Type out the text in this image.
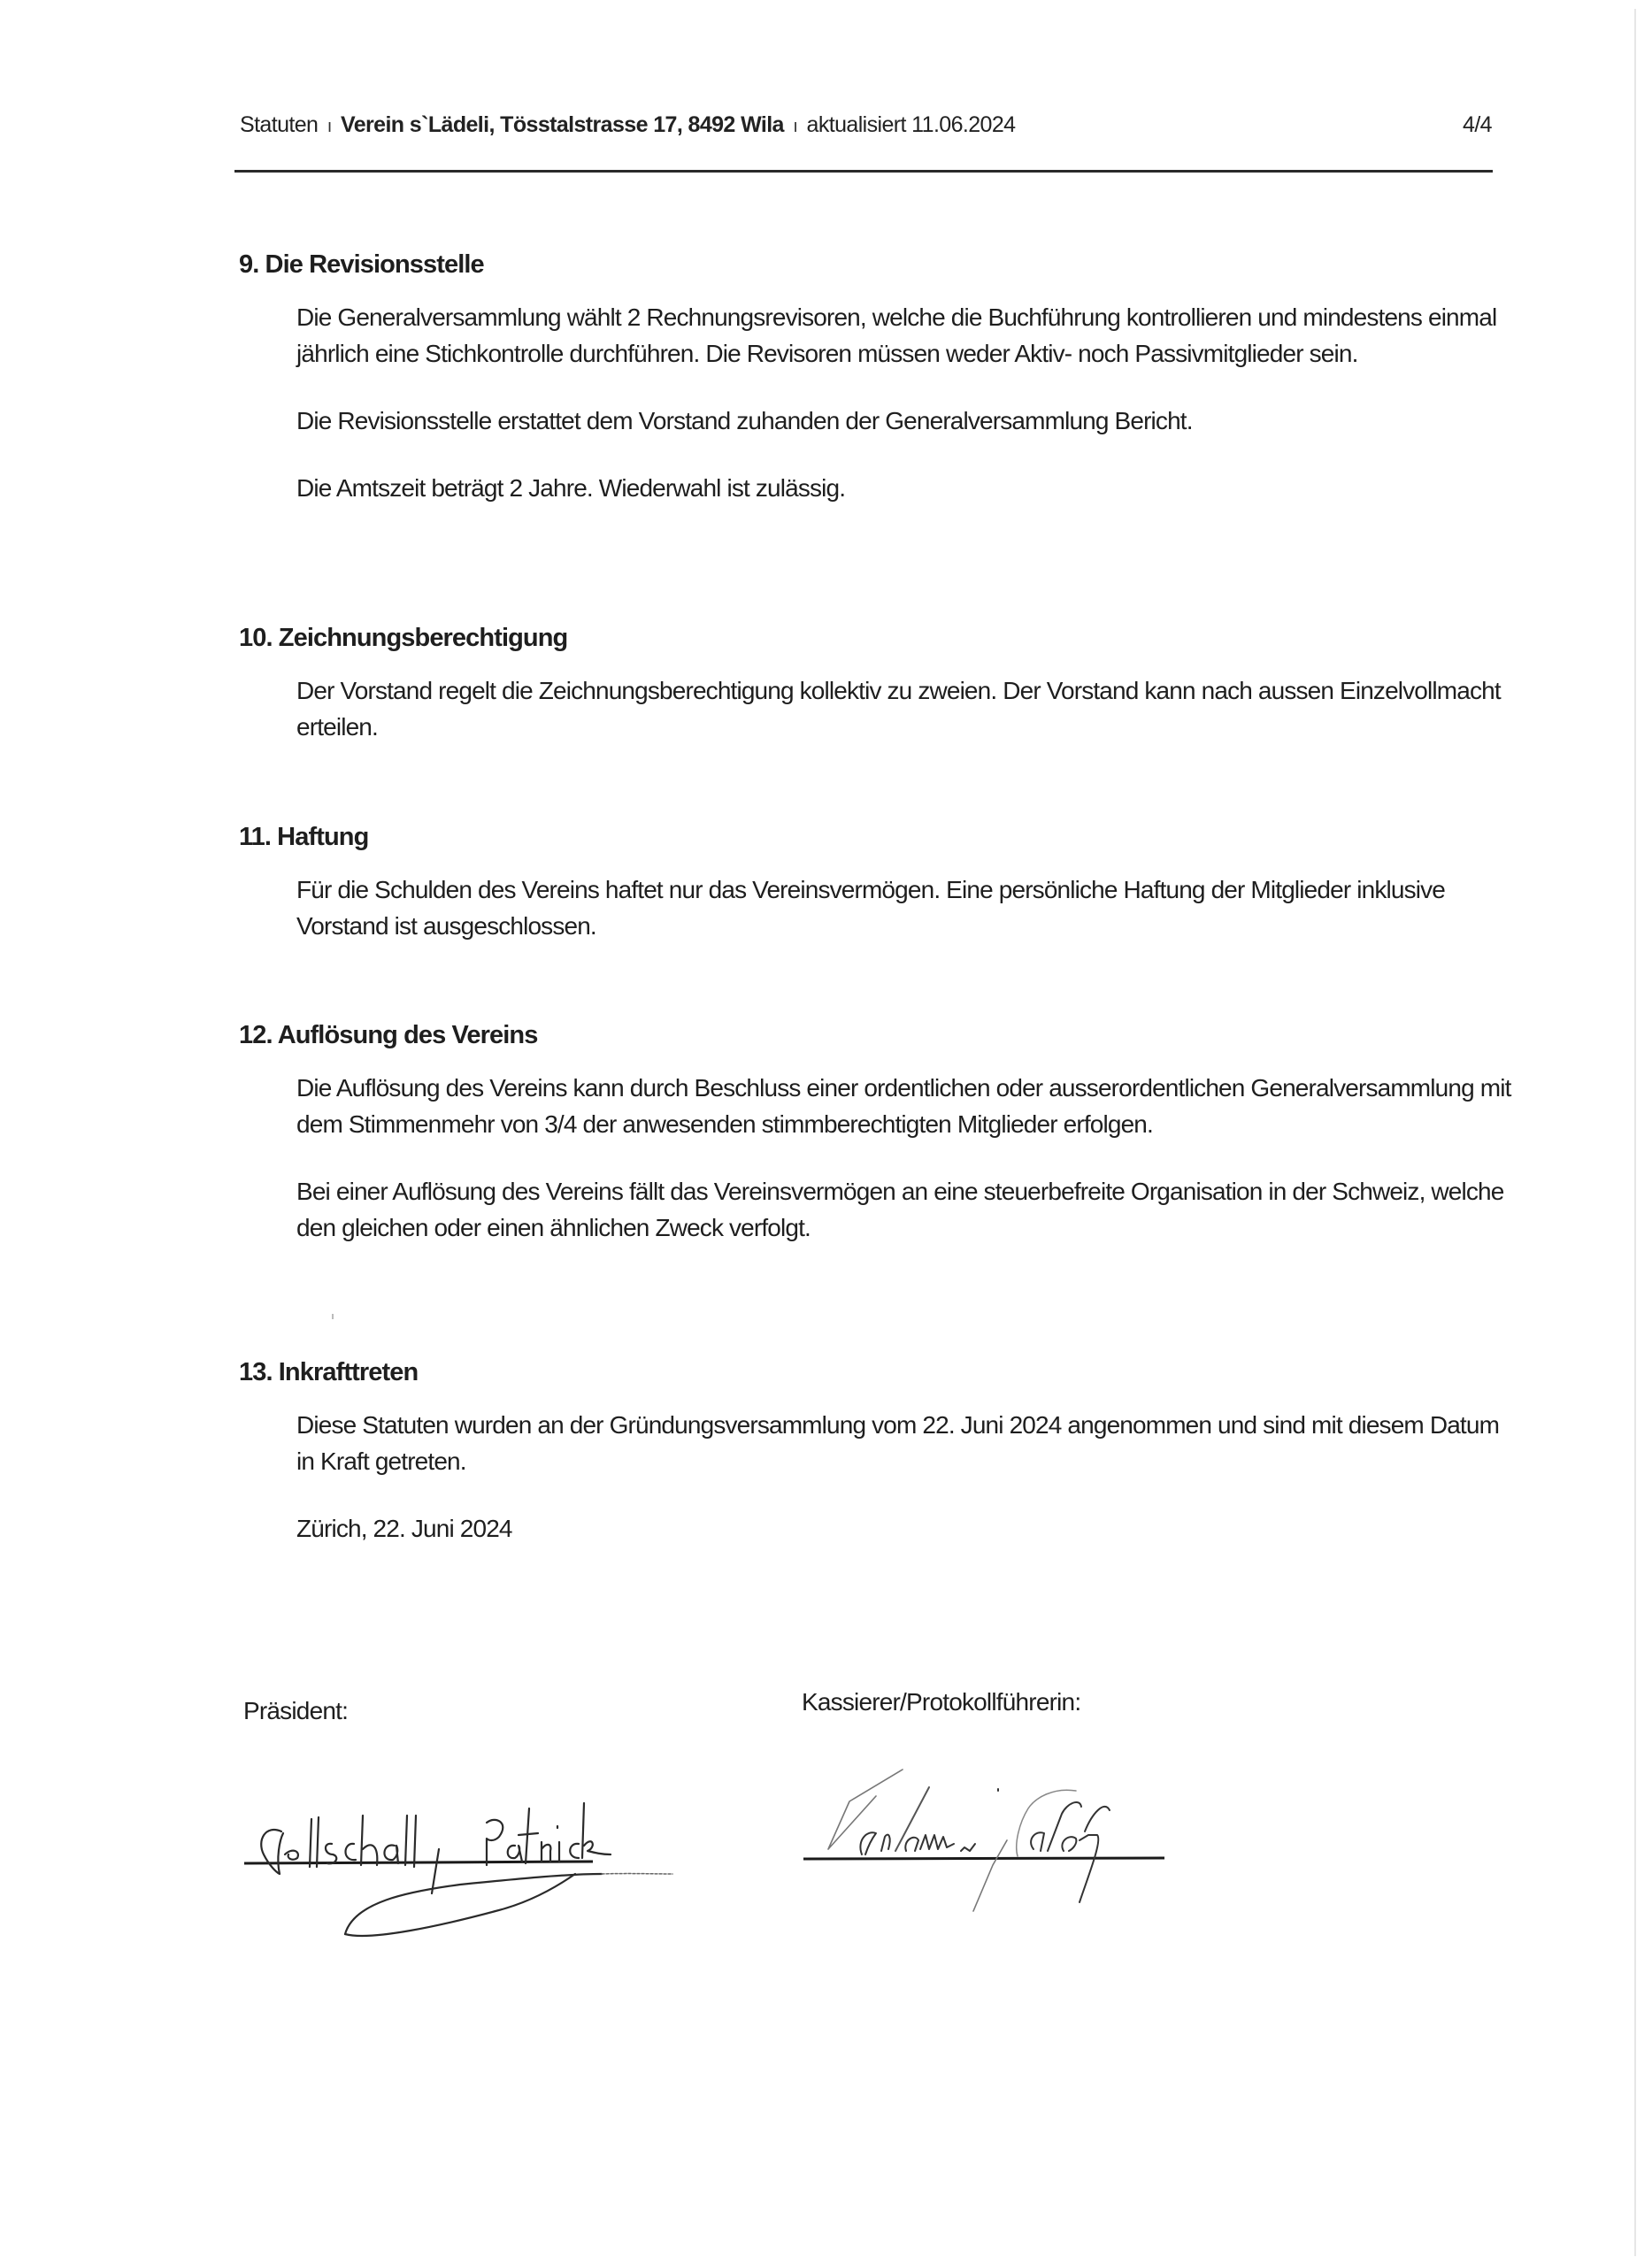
Statuten ı Verein s`Lädeli, Tösstalstrasse 17, 8492 Wila ı aktualisiert 11.06.2024	4/4
9. Die Revisionsstelle

Die Generalversammlung wählt 2 Rechnungsrevisoren, welche die Buchführung kontrollieren und mindestens einmal jährlich eine Stichkontrolle durchführen. Die Revisoren müssen weder Aktiv- noch Passivmitglieder sein.

Die Revisionsstelle erstattet dem Vorstand zuhanden der Generalversammlung Bericht.

Die Amtszeit beträgt 2 Jahre. Wiederwahl ist zulässig.

10. Zeichnungsberechtigung

Der Vorstand regelt die Zeichnungsberechtigung kollektiv zu zweien. Der Vorstand kann nach aussen Einzelvollmacht erteilen.

11. Haftung

Für die Schulden des Vereins haftet nur das Vereinsvermögen. Eine persönliche Haftung der Mitglieder inklusive Vorstand ist ausgeschlossen.

12. Auflösung des Vereins

Die Auflösung des Vereins kann durch Beschluss einer ordentlichen oder ausserordentlichen Generalversammlung mit dem Stimmenmehr von 3/4 der anwesenden stimmberechtigten Mitglieder erfolgen.

Bei einer Auflösung des Vereins fällt das Vereinsvermögen an eine steuerbefreite Organisation in der Schweiz, welche den gleichen oder einen ähnlichen Zweck verfolgt.

13. Inkrafttreten

Diese Statuten wurden an der Gründungsversammlung vom 22. Juni 2024 angenommen und sind mit diesem Datum in Kraft getreten.

Zürich, 22. Juni 2024

Präsident:	Kassierer/Protokollführerin:
